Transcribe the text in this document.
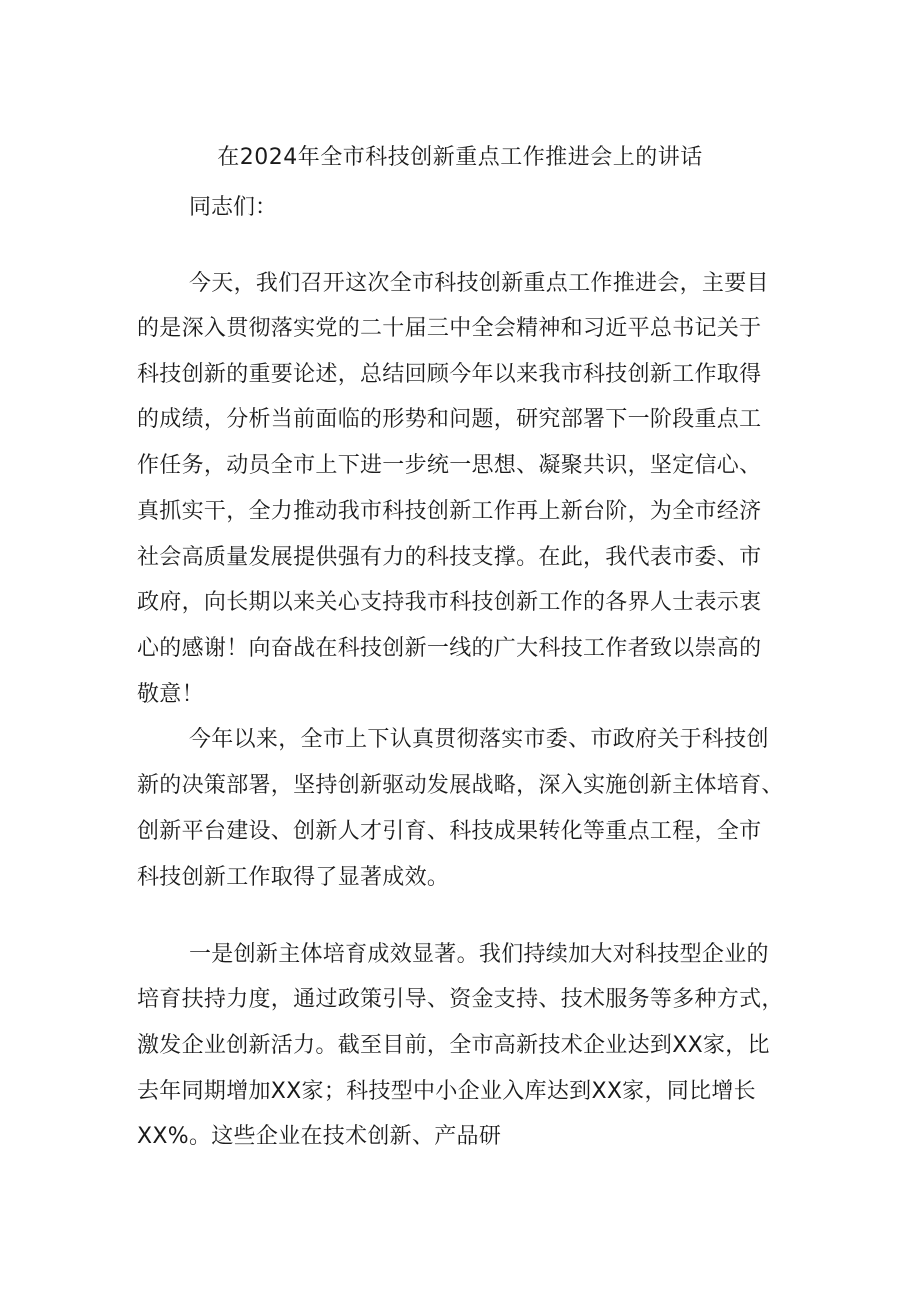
在2024年全市科技创新重点工作推进会上的讲话
同志们：
今天，我们召开这次全市科技创新重点工作推进会，主要目
的是深入贯彻落实党的二十届三中全会精神和习近平总书记关于
科技创新的重要论述，总结回顾今年以来我市科技创新工作取得
的成绩，分析当前面临的形势和问题，研究部署下一阶段重点工
作任务，动员全市上下进一步统一思想、凝聚共识，坚定信心、
真抓实干，全力推动我市科技创新工作再上新台阶，为全市经济
社会高质量发展提供强有力的科技支撑。在此，我代表市委、市
政府，向长期以来关心支持我市科技创新工作的各界人士表示衷
心的感谢！向奋战在科技创新一线的广大科技工作者致以崇高的
敬意！
今年以来，全市上下认真贯彻落实市委、市政府关于科技创
新的决策部署，坚持创新驱动发展战略，深入实施创新主体培育、
创新平台建设、创新人才引育、科技成果转化等重点工程，全市
科技创新工作取得了显著成效。
一是创新主体培育成效显著。我们持续加大对科技型企业的
培育扶持力度，通过政策引导、资金支持、技术服务等多种方式，
激发企业创新活力。截至目前，全市高新技术企业达到XX家，比
去年同期增加XX家；科技型中小企业入库达到XX家，同比增长
XX%。这些企业在技术创新、产品研
